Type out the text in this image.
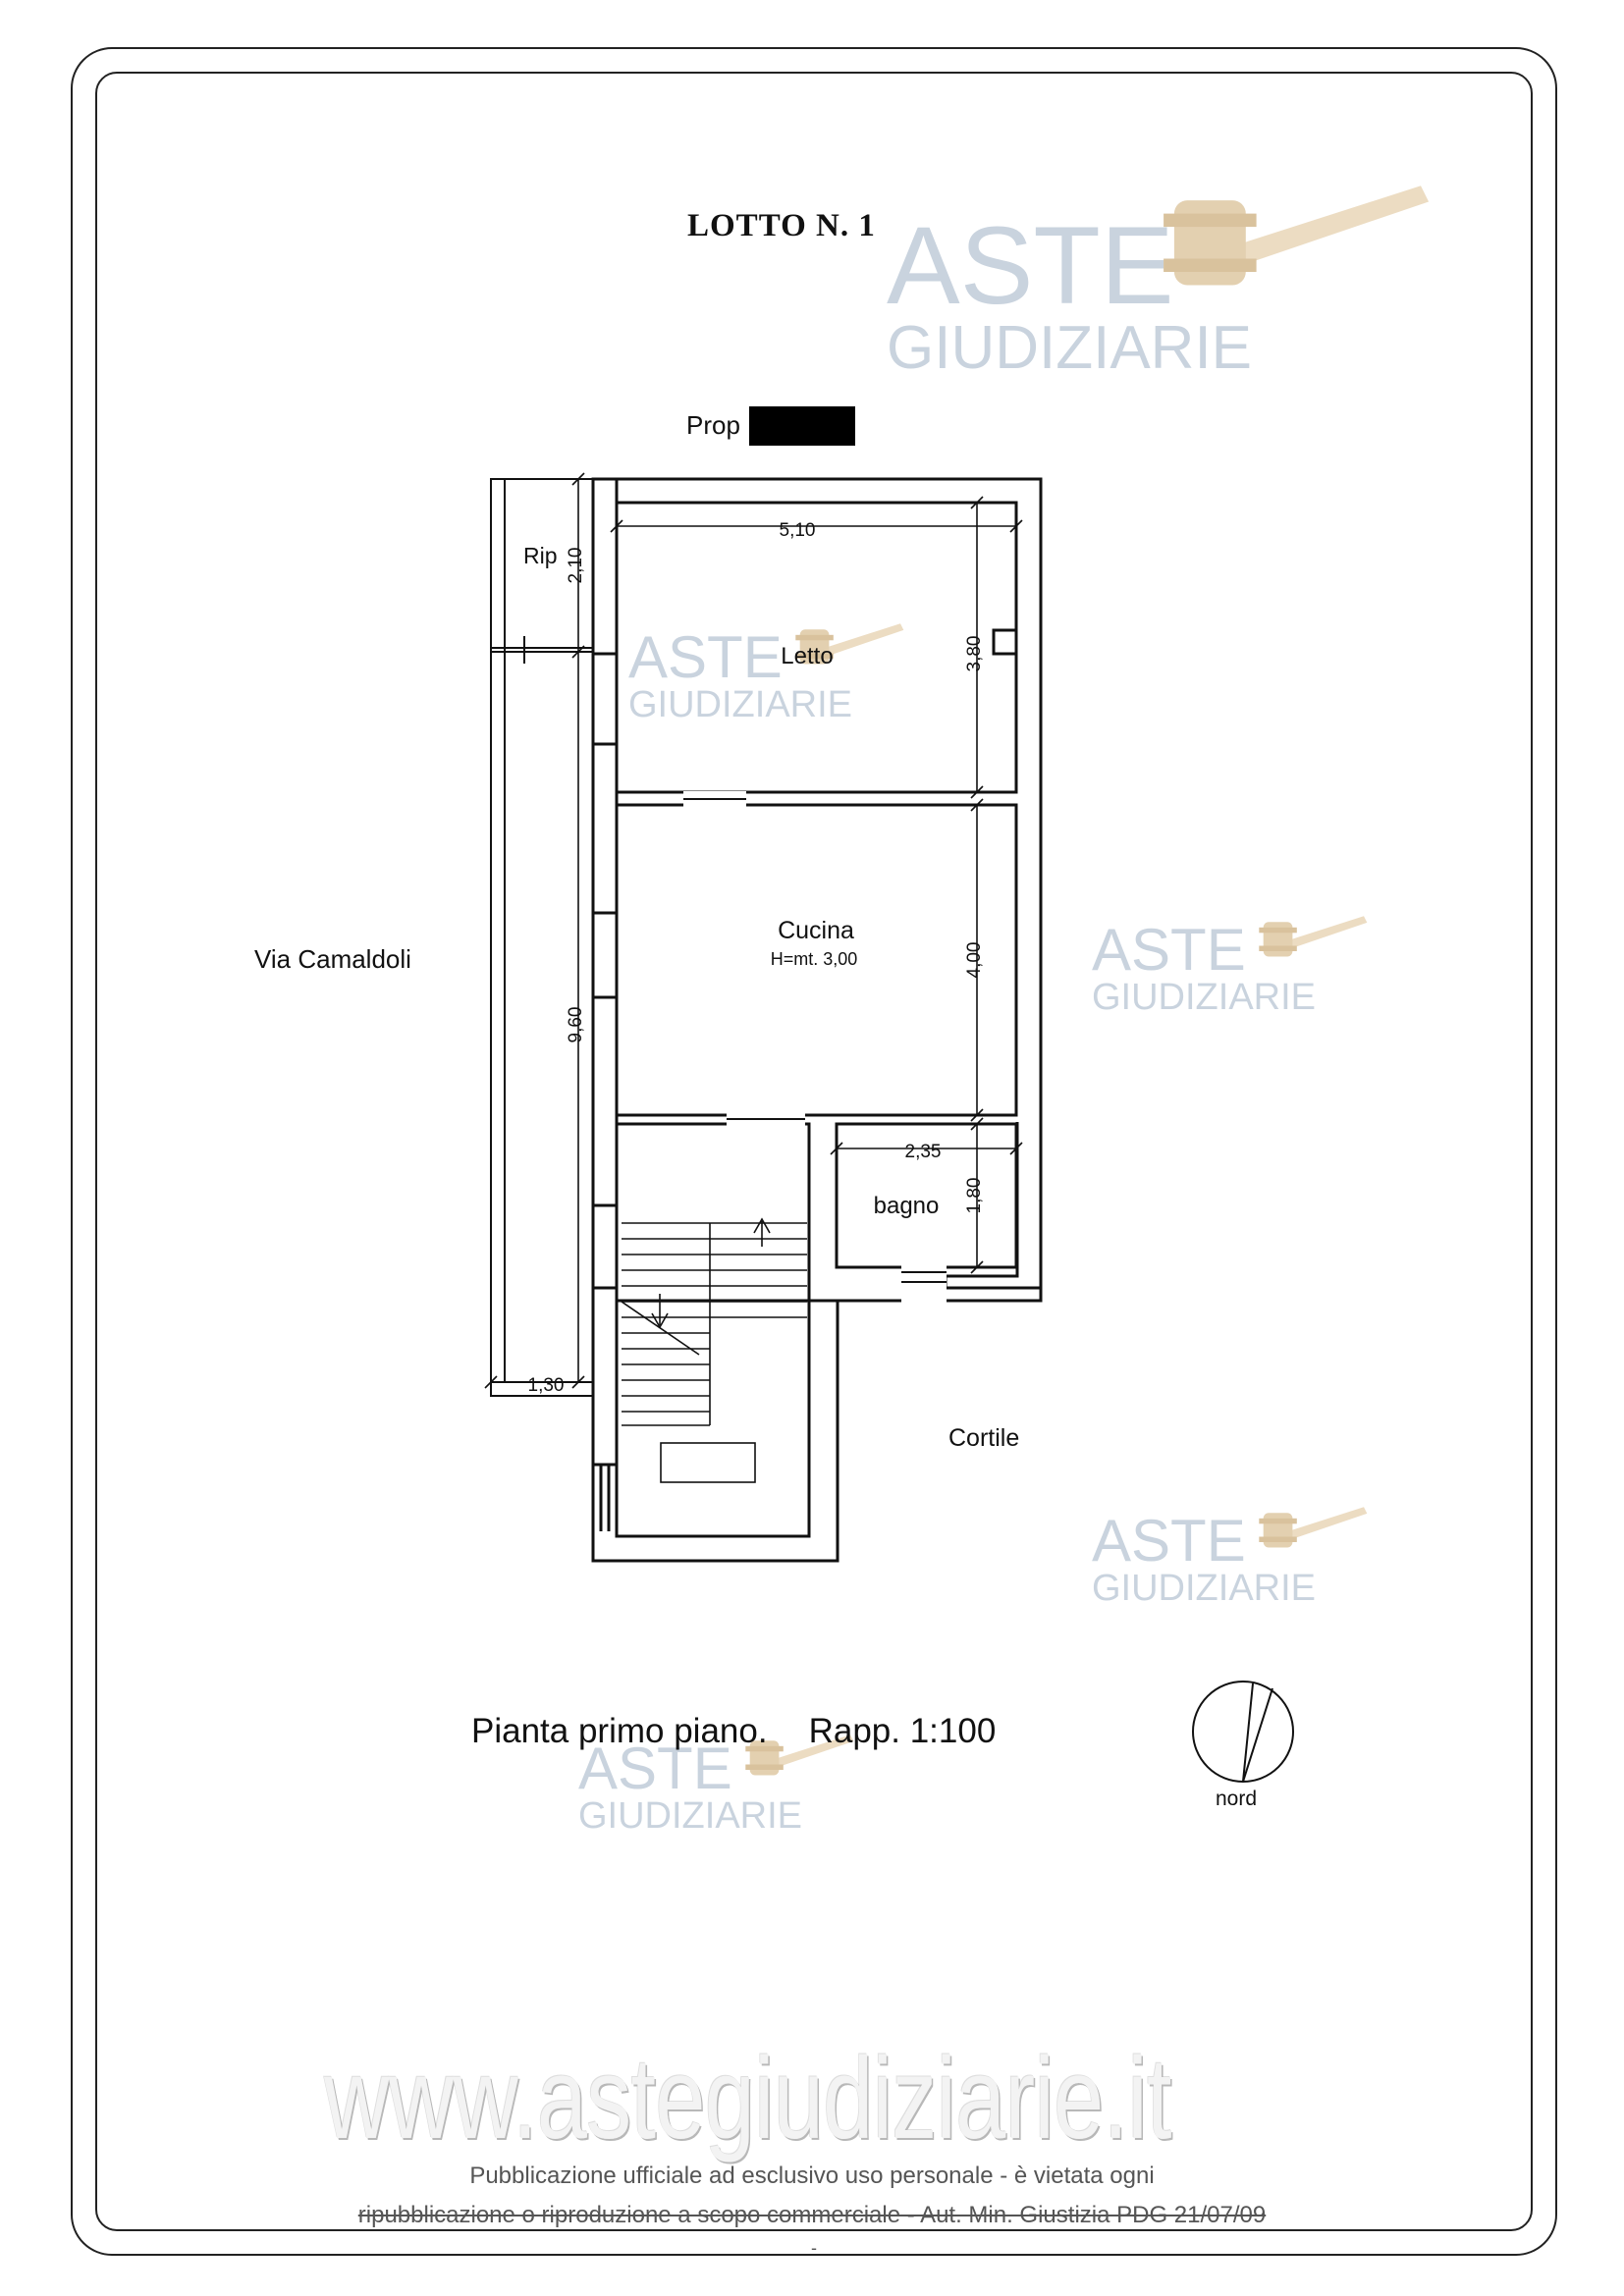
ASTE
GIUDIZIARIE
ASTE
GIUDIZIARIE
ASTE
GIUDIZIARIE
ASTE
GIUDIZIARIE
ASTE
GIUDIZIARIE
5,10
3,80
4,00
2,35
1,80
2,10
9,60
1,30
Letto
Cucina
H=mt. 3,00
bagno
Rip
LOTTO N. 1
Prop
Via Camaldoli
Cortile
Pianta primo piano. Rapp. 1:100
nord
www.astegiudiziarie.it
Pubblicazione ufficiale ad esclusivo uso personale - è vietata ogni
ripubblicazione o riproduzione a scopo commerciale - Aut. Min. Giustizia PDG 21/07/09
-
